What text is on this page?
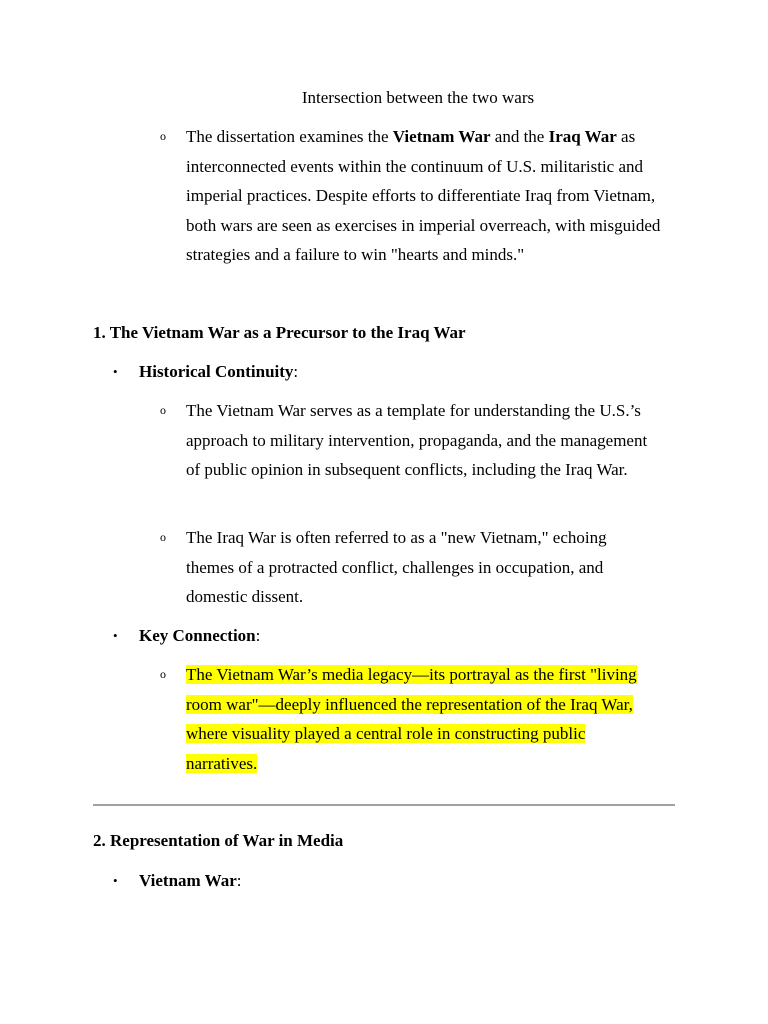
Intersection between the two wars
o The dissertation examines the Vietnam War and the Iraq War as interconnected events within the continuum of U.S. militaristic and imperial practices. Despite efforts to differentiate Iraq from Vietnam, both wars are seen as exercises in imperial overreach, with misguided strategies and a failure to win "hearts and minds."
1. The Vietnam War as a Precursor to the Iraq War
• Historical Continuity:
o The Vietnam War serves as a template for understanding the U.S.’s approach to military intervention, propaganda, and the management of public opinion in subsequent conflicts, including the Iraq War.
o The Iraq War is often referred to as a "new Vietnam," echoing themes of a protracted conflict, challenges in occupation, and domestic dissent.
• Key Connection:
o The Vietnam War’s media legacy—its portrayal as the first "living
room war"—deeply influenced the representation of the Iraq War,
where visuality played a central role in constructing public
narratives.
2. Representation of War in Media
• Vietnam War:
